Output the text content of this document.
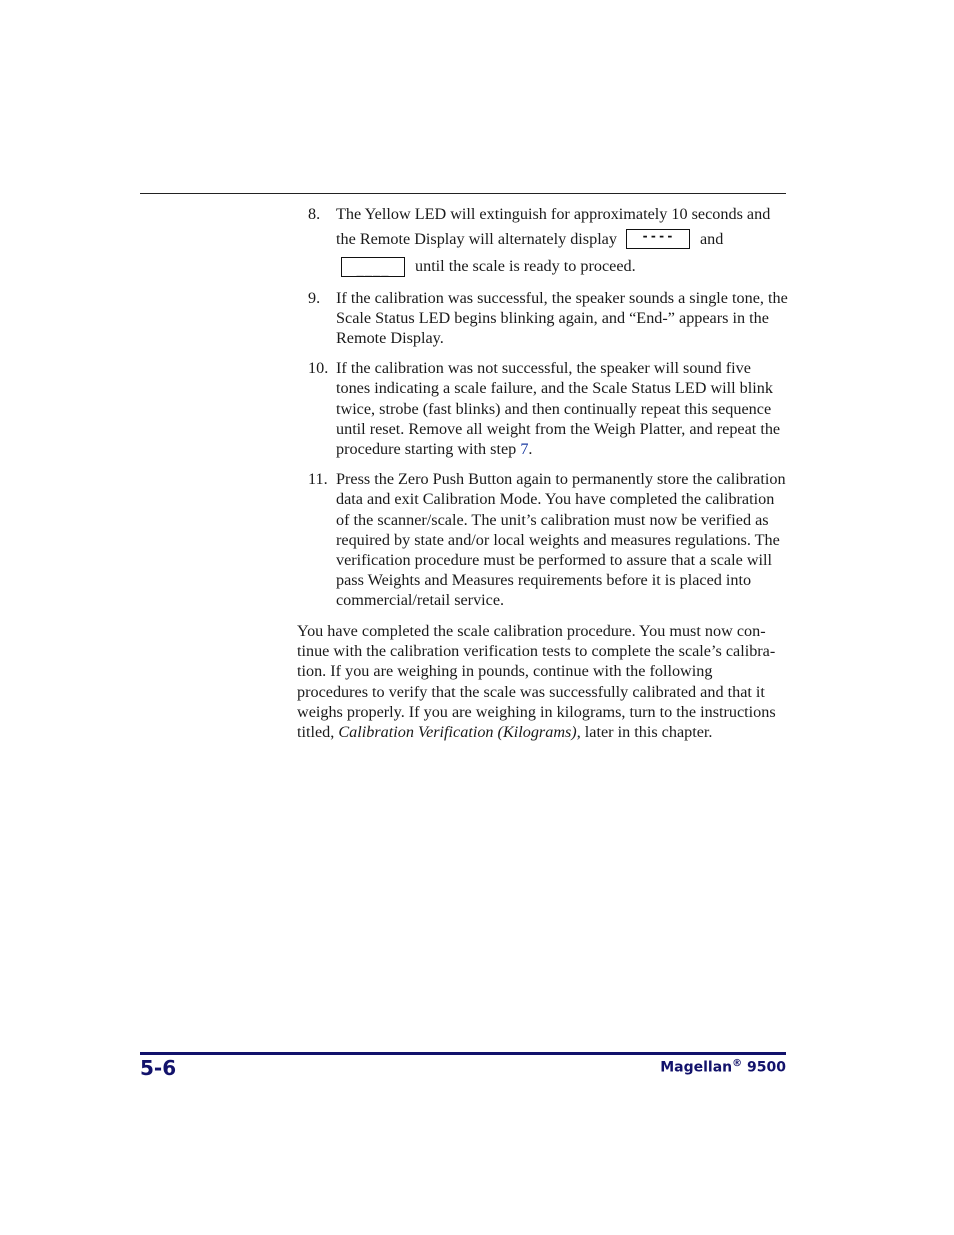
8. The Yellow LED will extinguish for approximately 10 seconds and
the Remote Display will alternately display	----	and
____	until the scale is ready to proceed.
9. If the calibration was successful, the speaker sounds a single tone, the Scale Status LED begins blinking again, and “End-” appears in the Remote Display.
10. If the calibration was not successful, the speaker will sound five tones indicating a scale failure, and the Scale Status LED will blink twice, strobe (fast blinks) and then continually repeat this sequence until reset. Remove all weight from the Weigh Platter, and repeat the procedure starting with step 7.
11. Press the Zero Push Button again to permanently store the calibration data and exit Calibration Mode. You have completed the calibration of the scanner/scale. The unit’s calibration must now be verified as required by state and/or local weights and measures regulations. The verification procedure must be performed to assure that a scale will pass Weights and Measures requirements before it is placed into commercial/retail service.
You have completed the scale calibration procedure. You must now continue with the calibration verification tests to complete the scale’s calibration. If you are weighing in pounds, continue with the following procedures to verify that the scale was successfully calibrated and that it weighs properly. If you are weighing in kilograms, turn to the instructions titled, Calibration Verification (Kilograms), later in this chapter.
5-6	Magellan® 9500
